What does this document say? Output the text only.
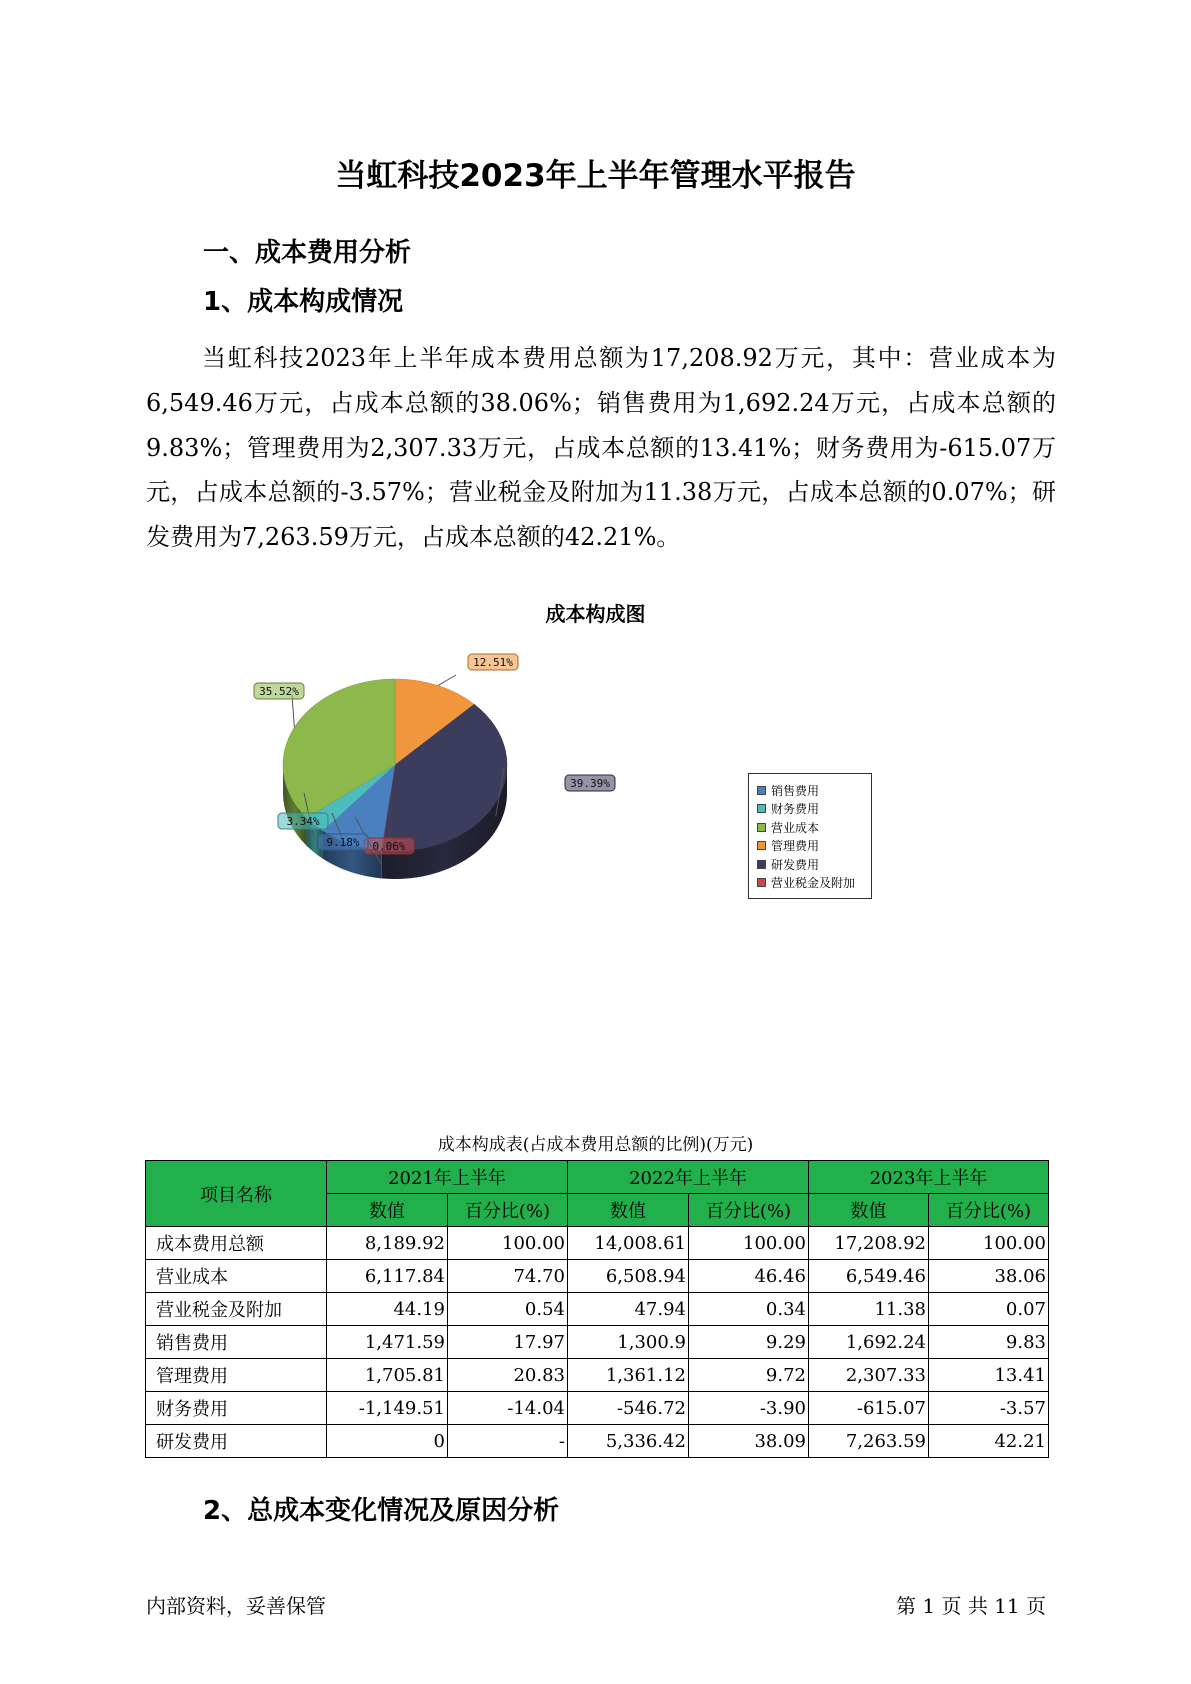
当虹科技2023年上半年管理水平报告
一、成本费用分析
1、成本构成情况
当虹科技2023年上半年成本费用总额为17,208.92万元，其中：营业成本为6,549.46万元，占成本总额的38.06%；销售费用为1,692.24万元，占成本总额的9.83%；管理费用为2,307.33万元，占成本总额的13.41%；财务费用为-615.07万元，占成本总额的-3.57%；营业税金及附加为11.38万元，占成本总额的0.07%；研发费用为7,263.59万元，占成本总额的42.21%。
成本构成图
12.51%
39.39%
0.06%
9.18%
3.34%
35.52%
销售费用
财务费用
营业成本
管理费用
研发费用
营业税金及附加
成本构成表(占成本费用总额的比例)(万元)
项目名称	2021年上半年		2022年上半年		2023年上半年	
	数值	百分比(%)	数值	百分比(%)	数值	百分比(%)
成本费用总额	8,189.92	100.00	14,008.61	100.00	17,208.92	100.00
营业成本	6,117.84	74.70	6,508.94	46.46	6,549.46	38.06
营业税金及附加	44.19	0.54	47.94	0.34	11.38	0.07
销售费用	1,471.59	17.97	1,300.9	9.29	1,692.24	9.83
管理费用	1,705.81	20.83	1,361.12	9.72	2,307.33	13.41
财务费用	-1,149.51	-14.04	-546.72	-3.90	-615.07	-3.57
研发费用	0	-	5,336.42	38.09	7,263.59	42.21
2、总成本变化情况及原因分析
内部资料，妥善保管	第 1 页 共 11 页
